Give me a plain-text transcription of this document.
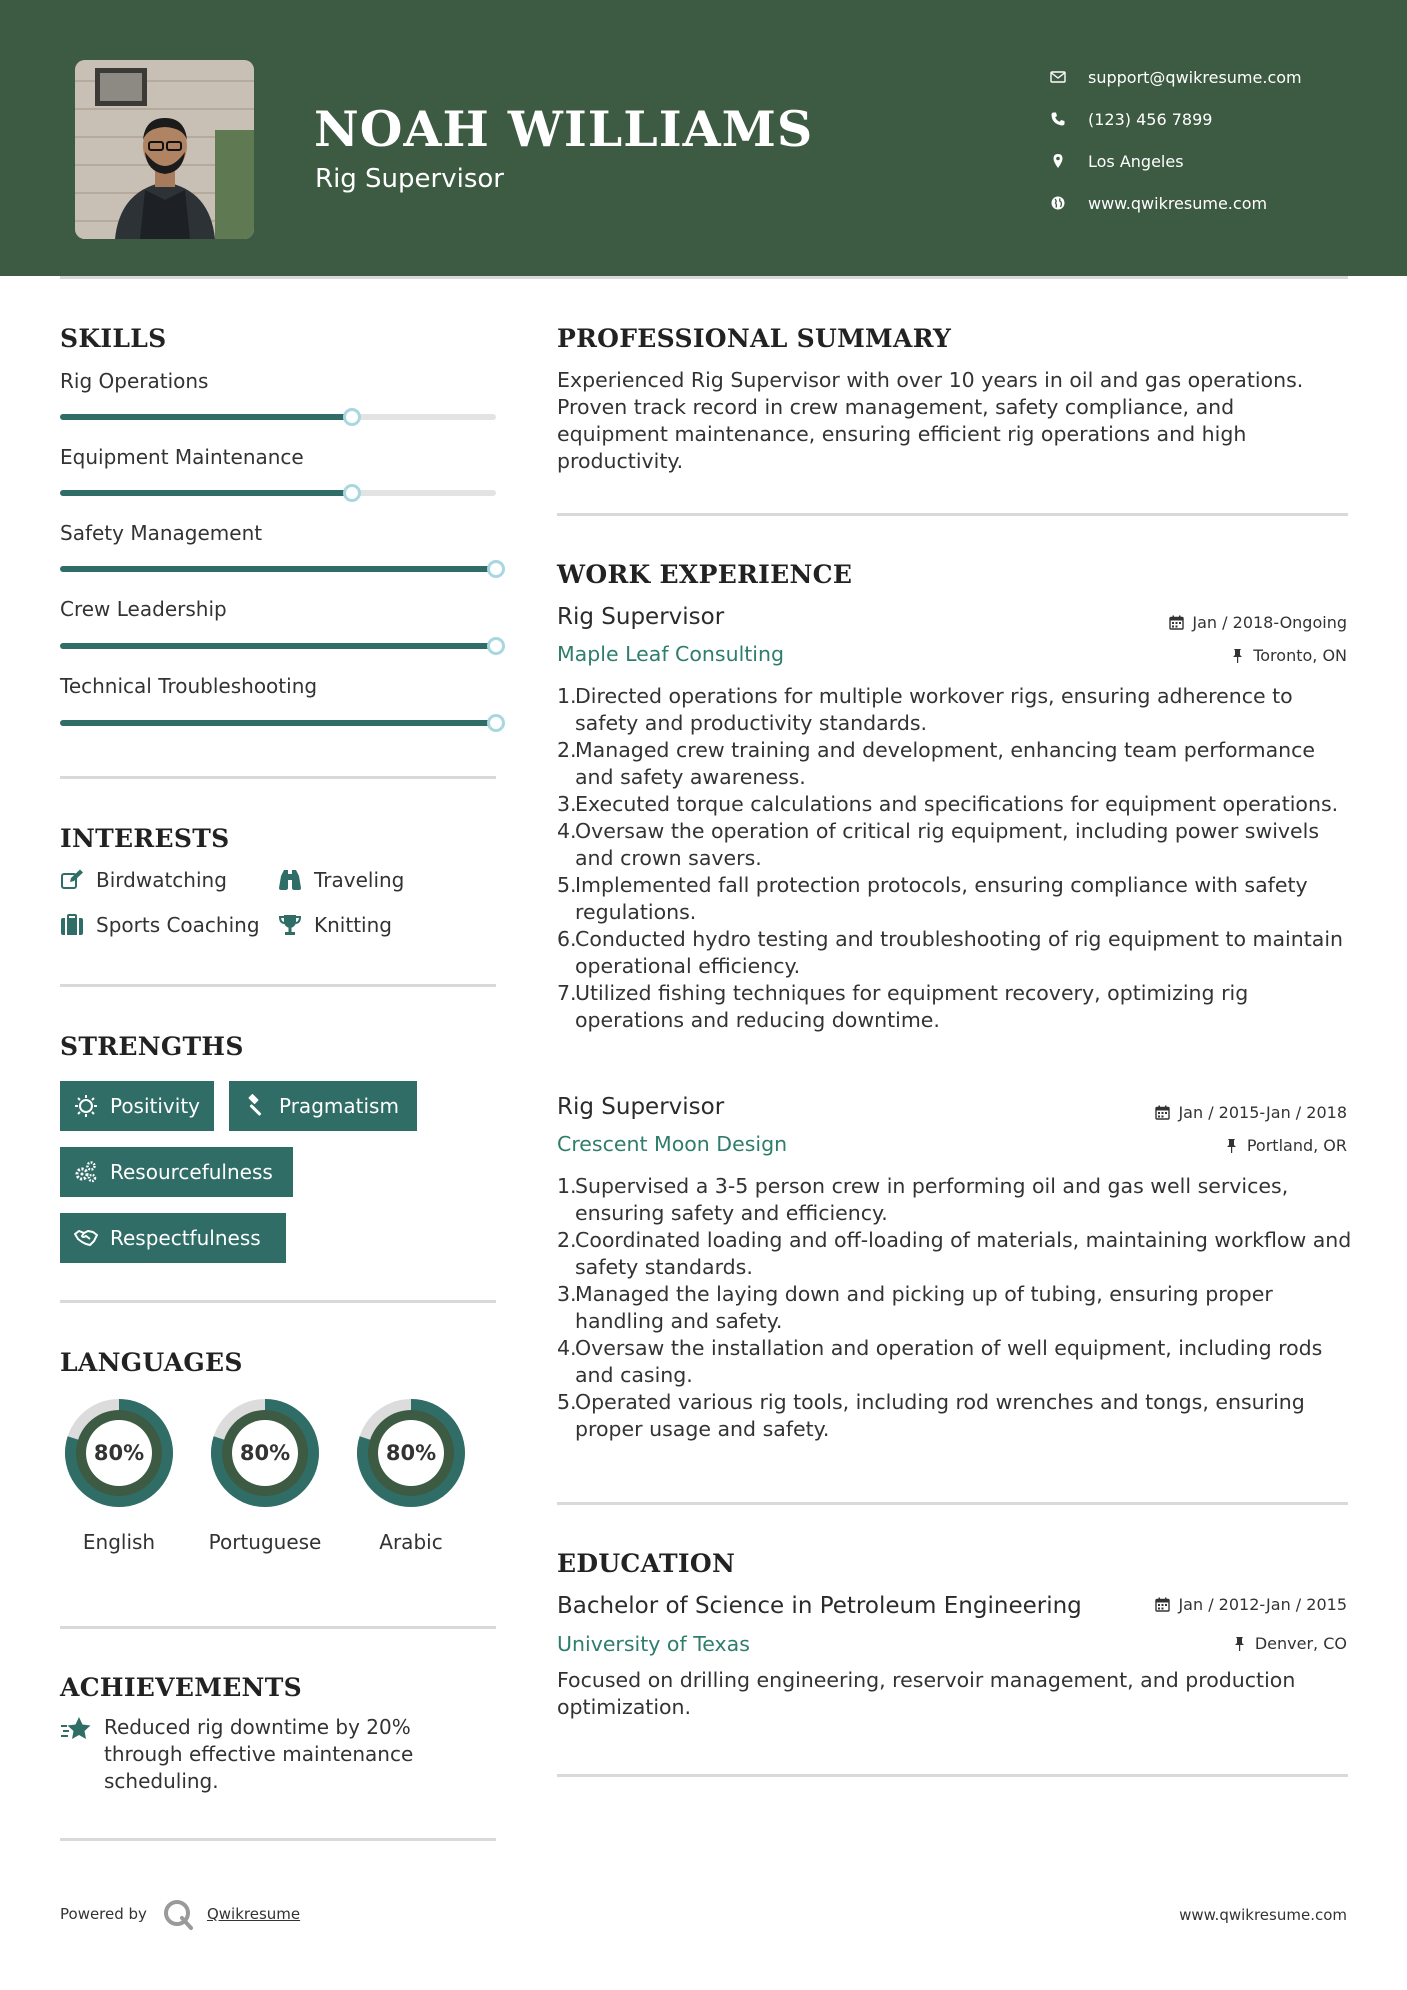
NOAH WILLIAMS
Rig Supervisor
support@qwikresume.com
(123) 456 7899
Los Angeles
www.qwikresume.com
SKILLS
Rig Operations
Equipment Maintenance
Safety Management
Crew Leadership
Technical Troubleshooting
INTERESTS
Birdwatching	Traveling
Sports Coaching	Knitting
STRENGTHS
Positivity	Pragmatism
Resourcefulness
Respectfulness
LANGUAGES
80%
English
80%
Portuguese
80%
Arabic
ACHIEVEMENTS
Reduced rig downtime by 20% through effective maintenance scheduling.
PROFESSIONAL SUMMARY
Experienced Rig Supervisor with over 10 years in oil and gas operations. Proven track record in crew management, safety compliance, and equipment maintenance, ensuring efficient rig operations and high productivity.
WORK EXPERIENCE
Rig Supervisor	Jan / 2018-Ongoing
Maple Leaf Consulting	Toronto, ON
1.
Directed operations for multiple workover rigs, ensuring adherence to safety and productivity standards.
2.
Managed crew training and development, enhancing team performance and safety awareness.
3.
Executed torque calculations and specifications for equipment operations.
4.
Oversaw the operation of critical rig equipment, including power swivels and crown savers.
5.
Implemented fall protection protocols, ensuring compliance with safety regulations.
6.
Conducted hydro testing and troubleshooting of rig equipment to maintain operational efficiency.
7.
Utilized fishing techniques for equipment recovery, optimizing rig operations and reducing downtime.
Rig Supervisor	Jan / 2015-Jan / 2018
Crescent Moon Design	Portland, OR
1.
Supervised a 3-5 person crew in performing oil and gas well services, ensuring safety and efficiency.
2.
Coordinated loading and off-loading of materials, maintaining workflow and safety standards.
3.
Managed the laying down and picking up of tubing, ensuring proper handling and safety.
4.
Oversaw the installation and operation of well equipment, including rods and casing.
5.
Operated various rig tools, including rod wrenches and tongs, ensuring proper usage and safety.
EDUCATION
Bachelor of Science in Petroleum Engineering	Jan / 2012-Jan / 2015
University of Texas	Denver, CO
Focused on drilling engineering, reservoir management, and production optimization.
Powered by	Qwikresume	www.qwikresume.com
